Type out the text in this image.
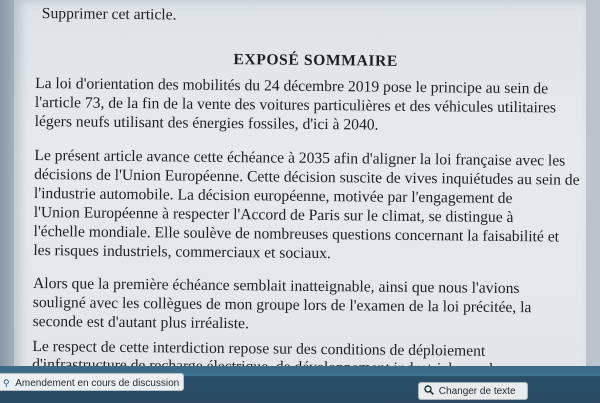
Supprimer cet article.

EXPOSÉ SOMMAIRE

La loi d'orientation des mobilités du 24 décembre 2019 pose le principe au sein de

l'article 73, de la fin de la vente des voitures particulières et des véhicules utilitaires

légers neufs utilisant des énergies fossiles, d'ici à 2040.

Le présent article avance cette échéance à 2035 afin d'aligner la loi française avec les

décisions de l'Union Européenne. Cette décision suscite de vives inquiétudes au sein de

l'industrie automobile. La décision européenne, motivée par l'engagement de

l'Union Européenne à respecter l'Accord de Paris sur le climat, se distingue à

l'échelle mondiale. Elle soulève de nombreuses questions concernant la faisabilité et

les risques industriels, commerciaux et sociaux.

Alors que la première échéance semblait inatteignable, ainsi que nous l'avions

souligné avec les collègues de mon groupe lors de l'examen de la loi précitée, la

seconde est d'autant plus irréaliste.

Le respect de cette interdiction repose sur des conditions de déploiement

⚲ Amendement en cours de discussion
Changer de texte
